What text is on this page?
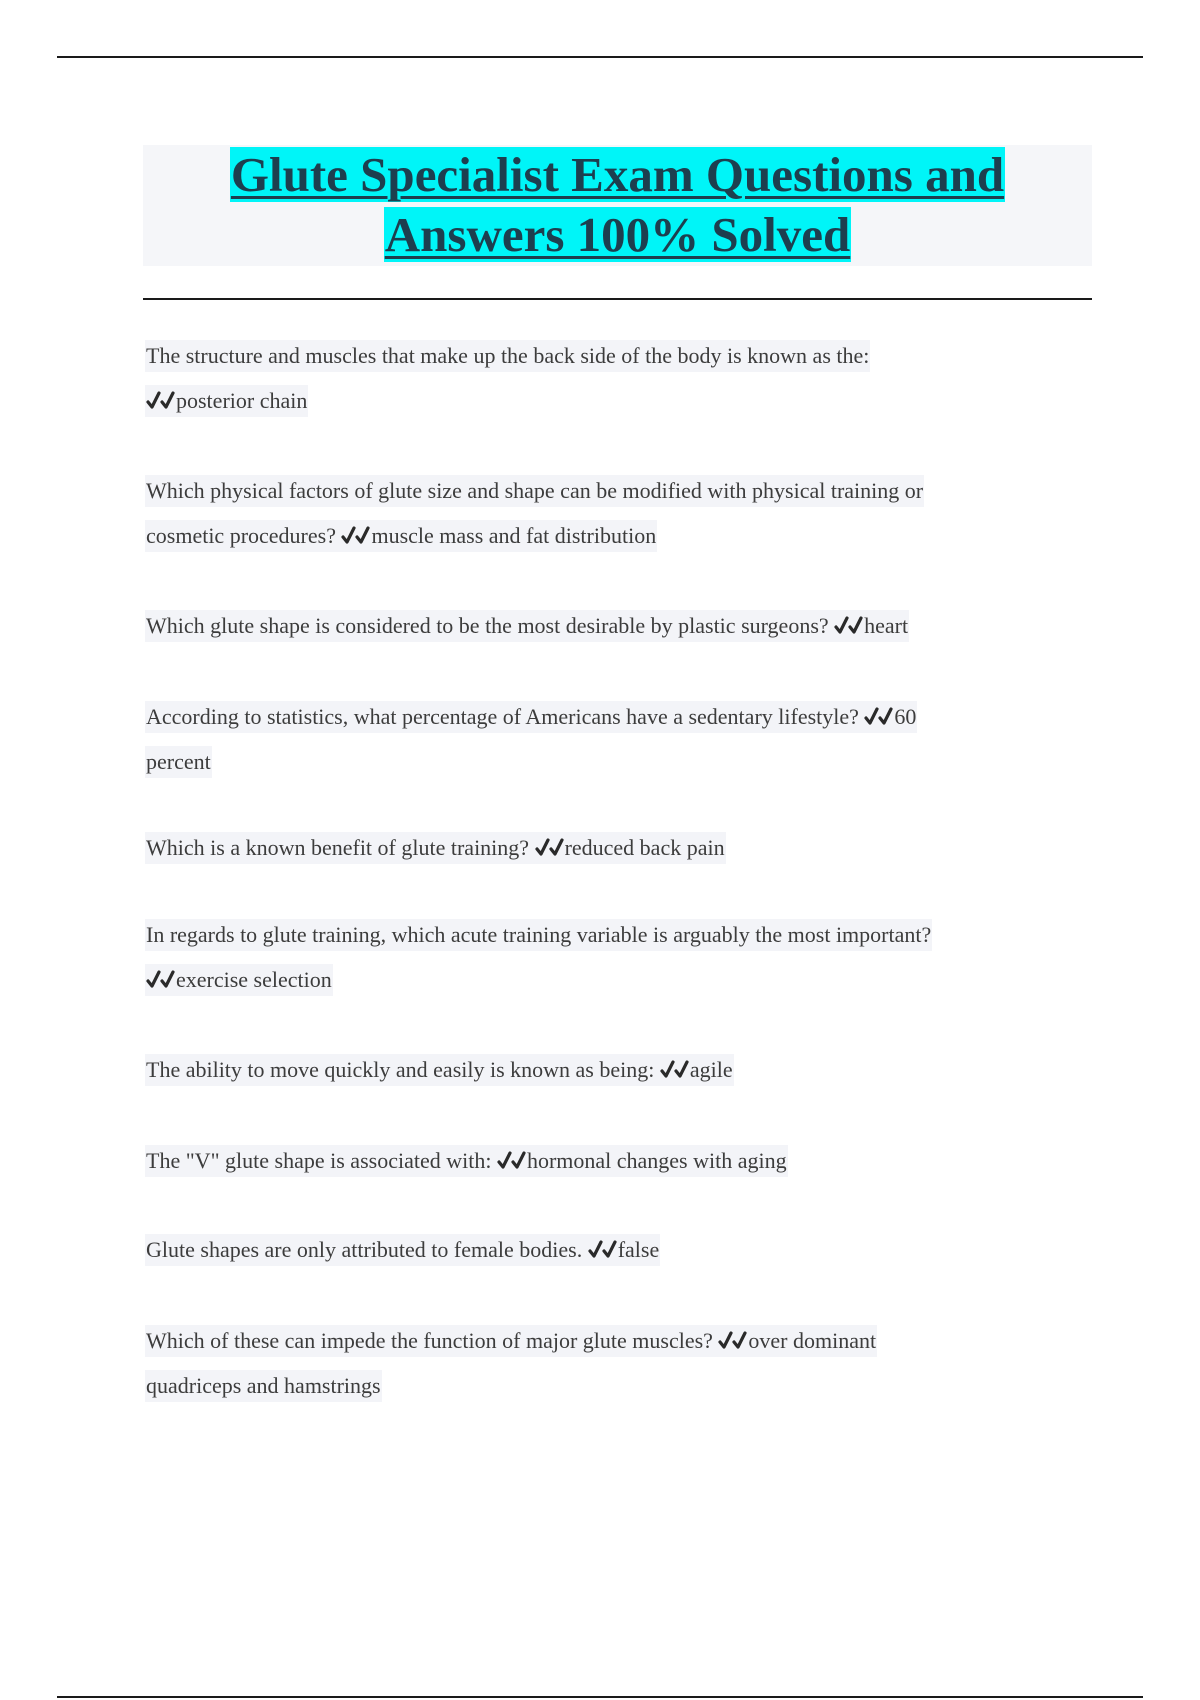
Glute Specialist Exam Questions and
Answers 100% Solved

The structure and muscles that make up the back side of the body is known as the:

posterior chain

Which physical factors of glute size and shape can be modified with physical training or
cosmetic procedures?
muscle mass and fat distribution

Which glute shape is considered to be the most desirable by plastic surgeons? heart

According to statistics, what percentage of Americans have a sedentary lifestyle? 60
percent

Which is a known benefit of glute training? reduced back pain

In regards to glute training, which acute training variable is arguably the most important?

exercise selection

The ability to move quickly and easily is known as being: agile

The "V" glute shape is associated with: hormonal changes with aging

Glute shapes are only attributed to female bodies. false

Which of these can impede the function of major glute muscles? over dominant
quadriceps and hamstrings
